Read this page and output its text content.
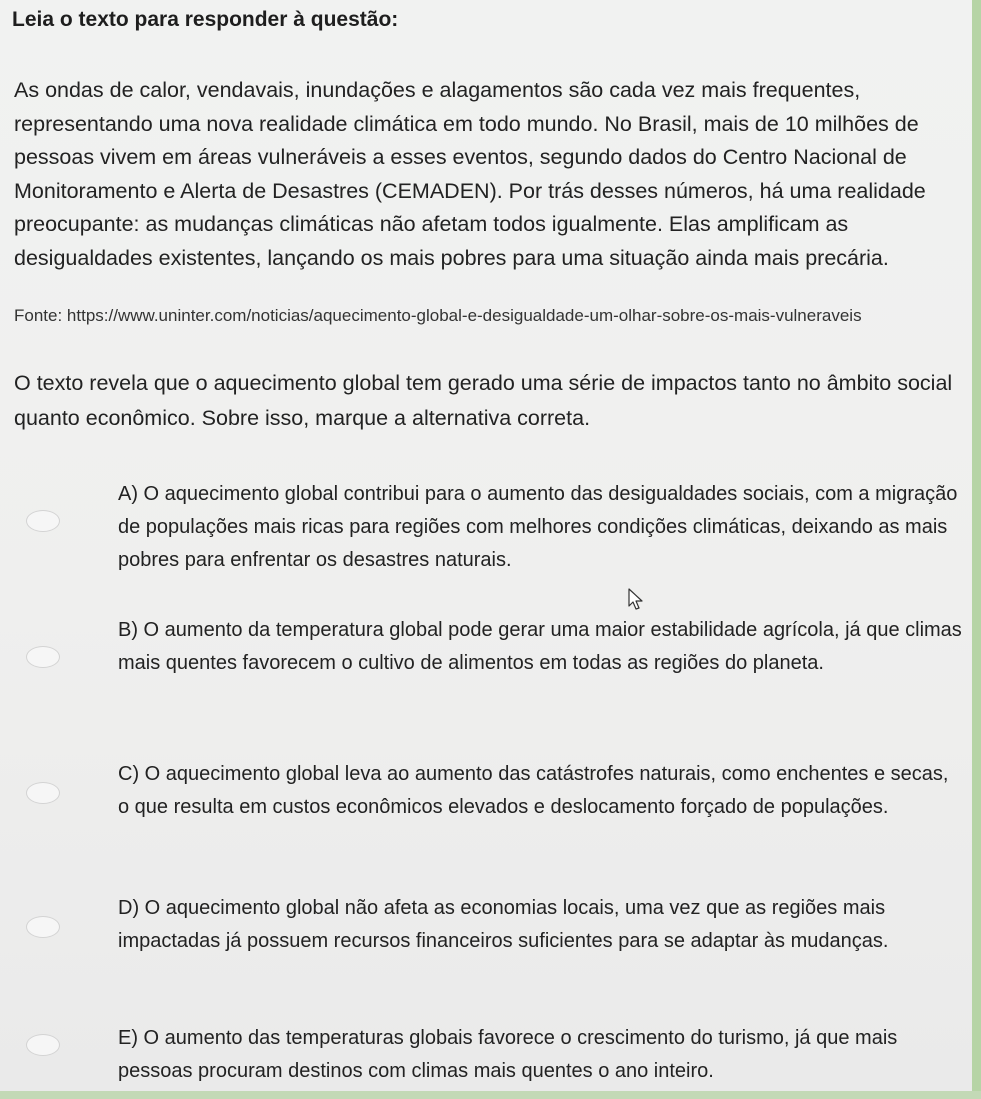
Leia o texto para responder à questão:

As ondas de calor, vendavais, inundações e alagamentos são cada vez mais frequentes, representando uma nova realidade climática em todo mundo. No Brasil, mais de 10 milhões de pessoas vivem em áreas vulneráveis a esses eventos, segundo dados do Centro Nacional de Monitoramento e Alerta de Desastres (CEMADEN). Por trás desses números, há uma realidade preocupante: as mudanças climáticas não afetam todos igualmente. Elas amplificam as desigualdades existentes, lançando os mais pobres para uma situação ainda mais precária.

Fonte: https://www.uninter.com/noticias/aquecimento-global-e-desigualdade-um-olhar-sobre-os-mais-vulneraveis

O texto revela que o aquecimento global tem gerado uma série de impactos tanto no âmbito social quanto econômico. Sobre isso, marque a alternativa correta.

A) O aquecimento global contribui para o aumento das desigualdades sociais, com a migração de populações mais ricas para regiões com melhores condições climáticas, deixando as mais pobres para enfrentar os desastres naturais.

B) O aumento da temperatura global pode gerar uma maior estabilidade agrícola, já que climas mais quentes favorecem o cultivo de alimentos em todas as regiões do planeta.

C) O aquecimento global leva ao aumento das catástrofes naturais, como enchentes e secas, o que resulta em custos econômicos elevados e deslocamento forçado de populações.

D) O aquecimento global não afeta as economias locais, uma vez que as regiões mais impactadas já possuem recursos financeiros suficientes para se adaptar às mudanças.

E) O aumento das temperaturas globais favorece o crescimento do turismo, já que mais pessoas procuram destinos com climas mais quentes o ano inteiro.
